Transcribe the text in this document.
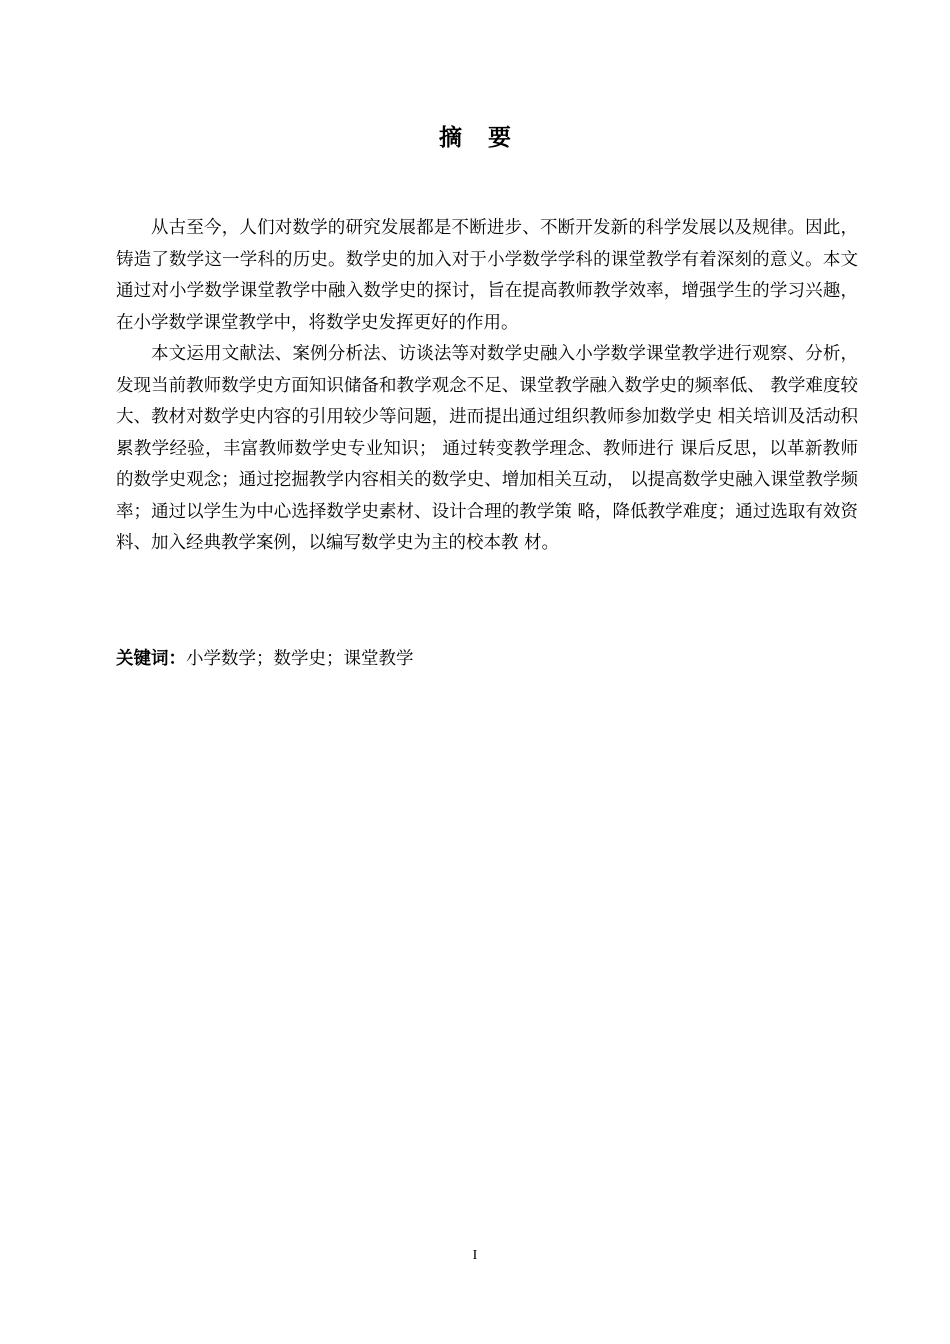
摘要

从古至今，人们对数学的研究发展都是不断进步、不断开发新的科学发展以及规律。因此，铸造了数学这一学科的历史。数学史的加入对于小学数学学科的课堂教学有着深刻的意义。本文通过对小学数学课堂教学中融入数学史的探讨，旨在提高教师教学效率，增强学生的学习兴趣，在小学数学课堂教学中，将数学史发挥更好的作用。

本文运用文献法、案例分析法、访谈法等对数学史融入小学数学课堂教学进行观察、分析，发现当前教师数学史方面知识储备和教学观念不足、课堂教学融入数学史的频率低、 教学难度较大、教材对数学史内容的引用较少等问题，进而提出通过组织教师参加数学史 相关培训及活动积累教学经验，丰富教师数学史专业知识； 通过转变教学理念、教师进行 课后反思，以革新教师的数学史观念；通过挖掘教学内容相关的数学史、增加相关互动， 以提高数学史融入课堂教学频率；通过以学生为中心选择数学史素材、设计合理的教学策 略，降低教学难度；通过选取有效资料、加入经典教学案例，以编写数学史为主的校本教 材。

关键词：小学数学；数学史；课堂教学
I
